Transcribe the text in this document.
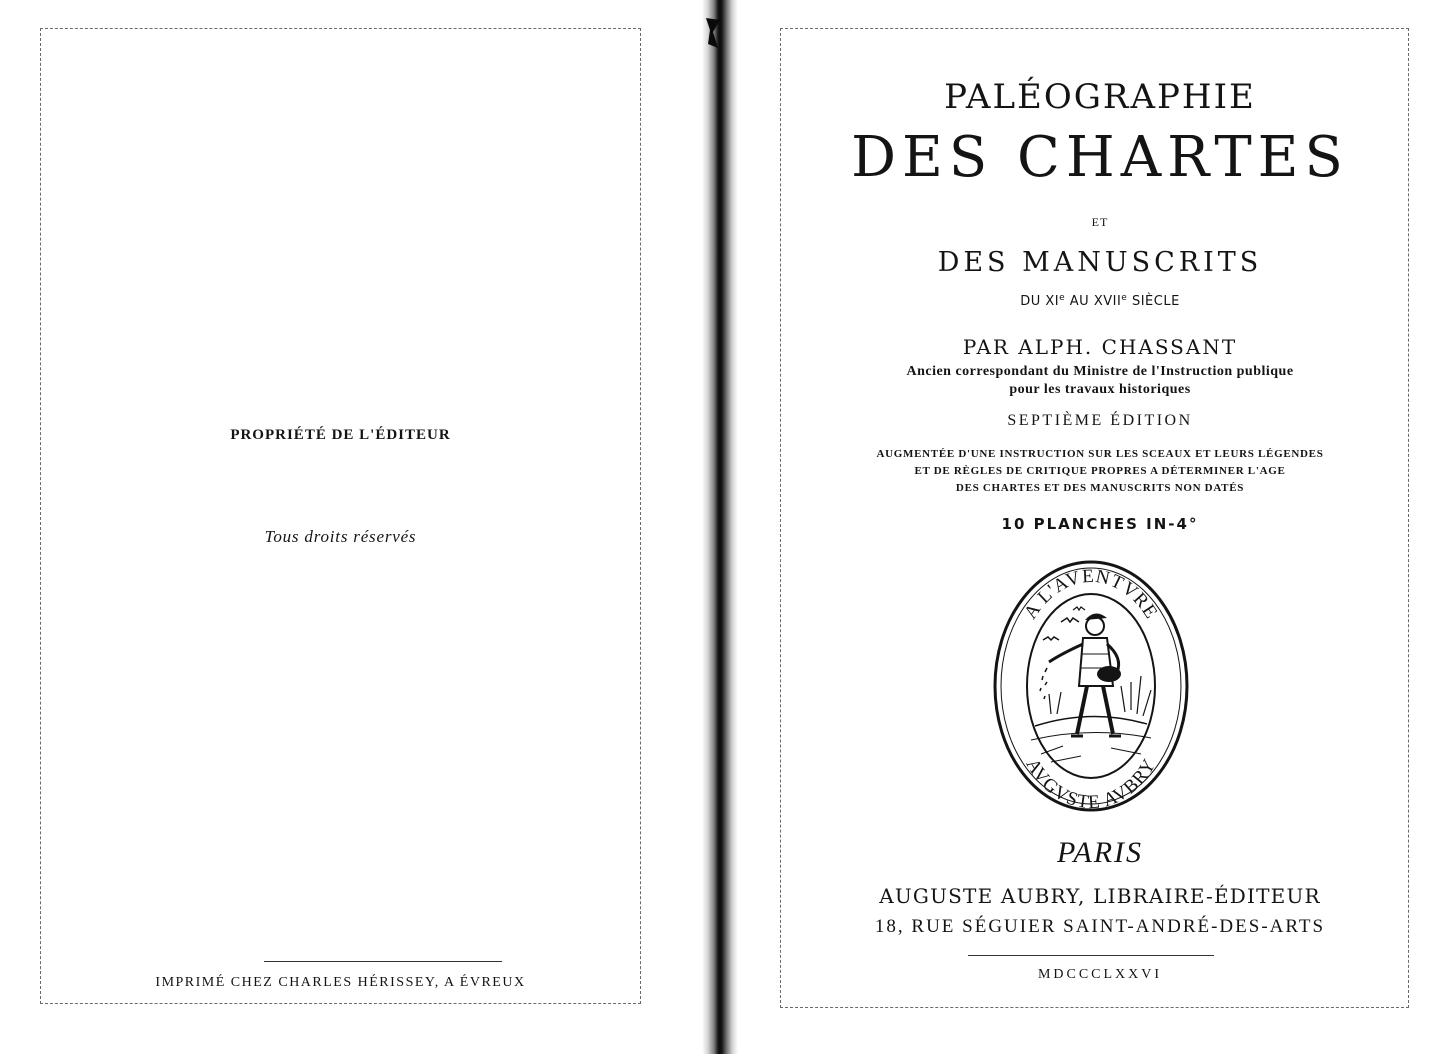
PROPRIÉTÉ DE L'ÉDITEUR

Tous droits réservés

IMPRIMÉ CHEZ CHARLES HÉRISSEY, A ÉVREUX

PALÉOGRAPHIE

DES CHARTES

ET

DES MANUSCRITS

DU XIe AU XVIIe SIÈCLE

PAR ALPH. CHASSANT

Ancien correspondant du Ministre de l'Instruction publique

pour les travaux historiques

SEPTIÈME ÉDITION

AUGMENTÉE D'UNE INSTRUCTION SUR LES SCEAUX ET LEURS LÉGENDES

ET DE RÈGLES DE CRITIQUE PROPRES A DÉTERMINER L'AGE

DES CHARTES ET DES MANUSCRITS NON DATÉS

10 PLANCHES IN-4°

A L'AVENTVRE
AVGVSTE AVBRY

PARIS

AUGUSTE AUBRY, LIBRAIRE-ÉDITEUR

18, RUE SÉGUIER SAINT-ANDRÉ-DES-ARTS

MDCCCLXXVI
